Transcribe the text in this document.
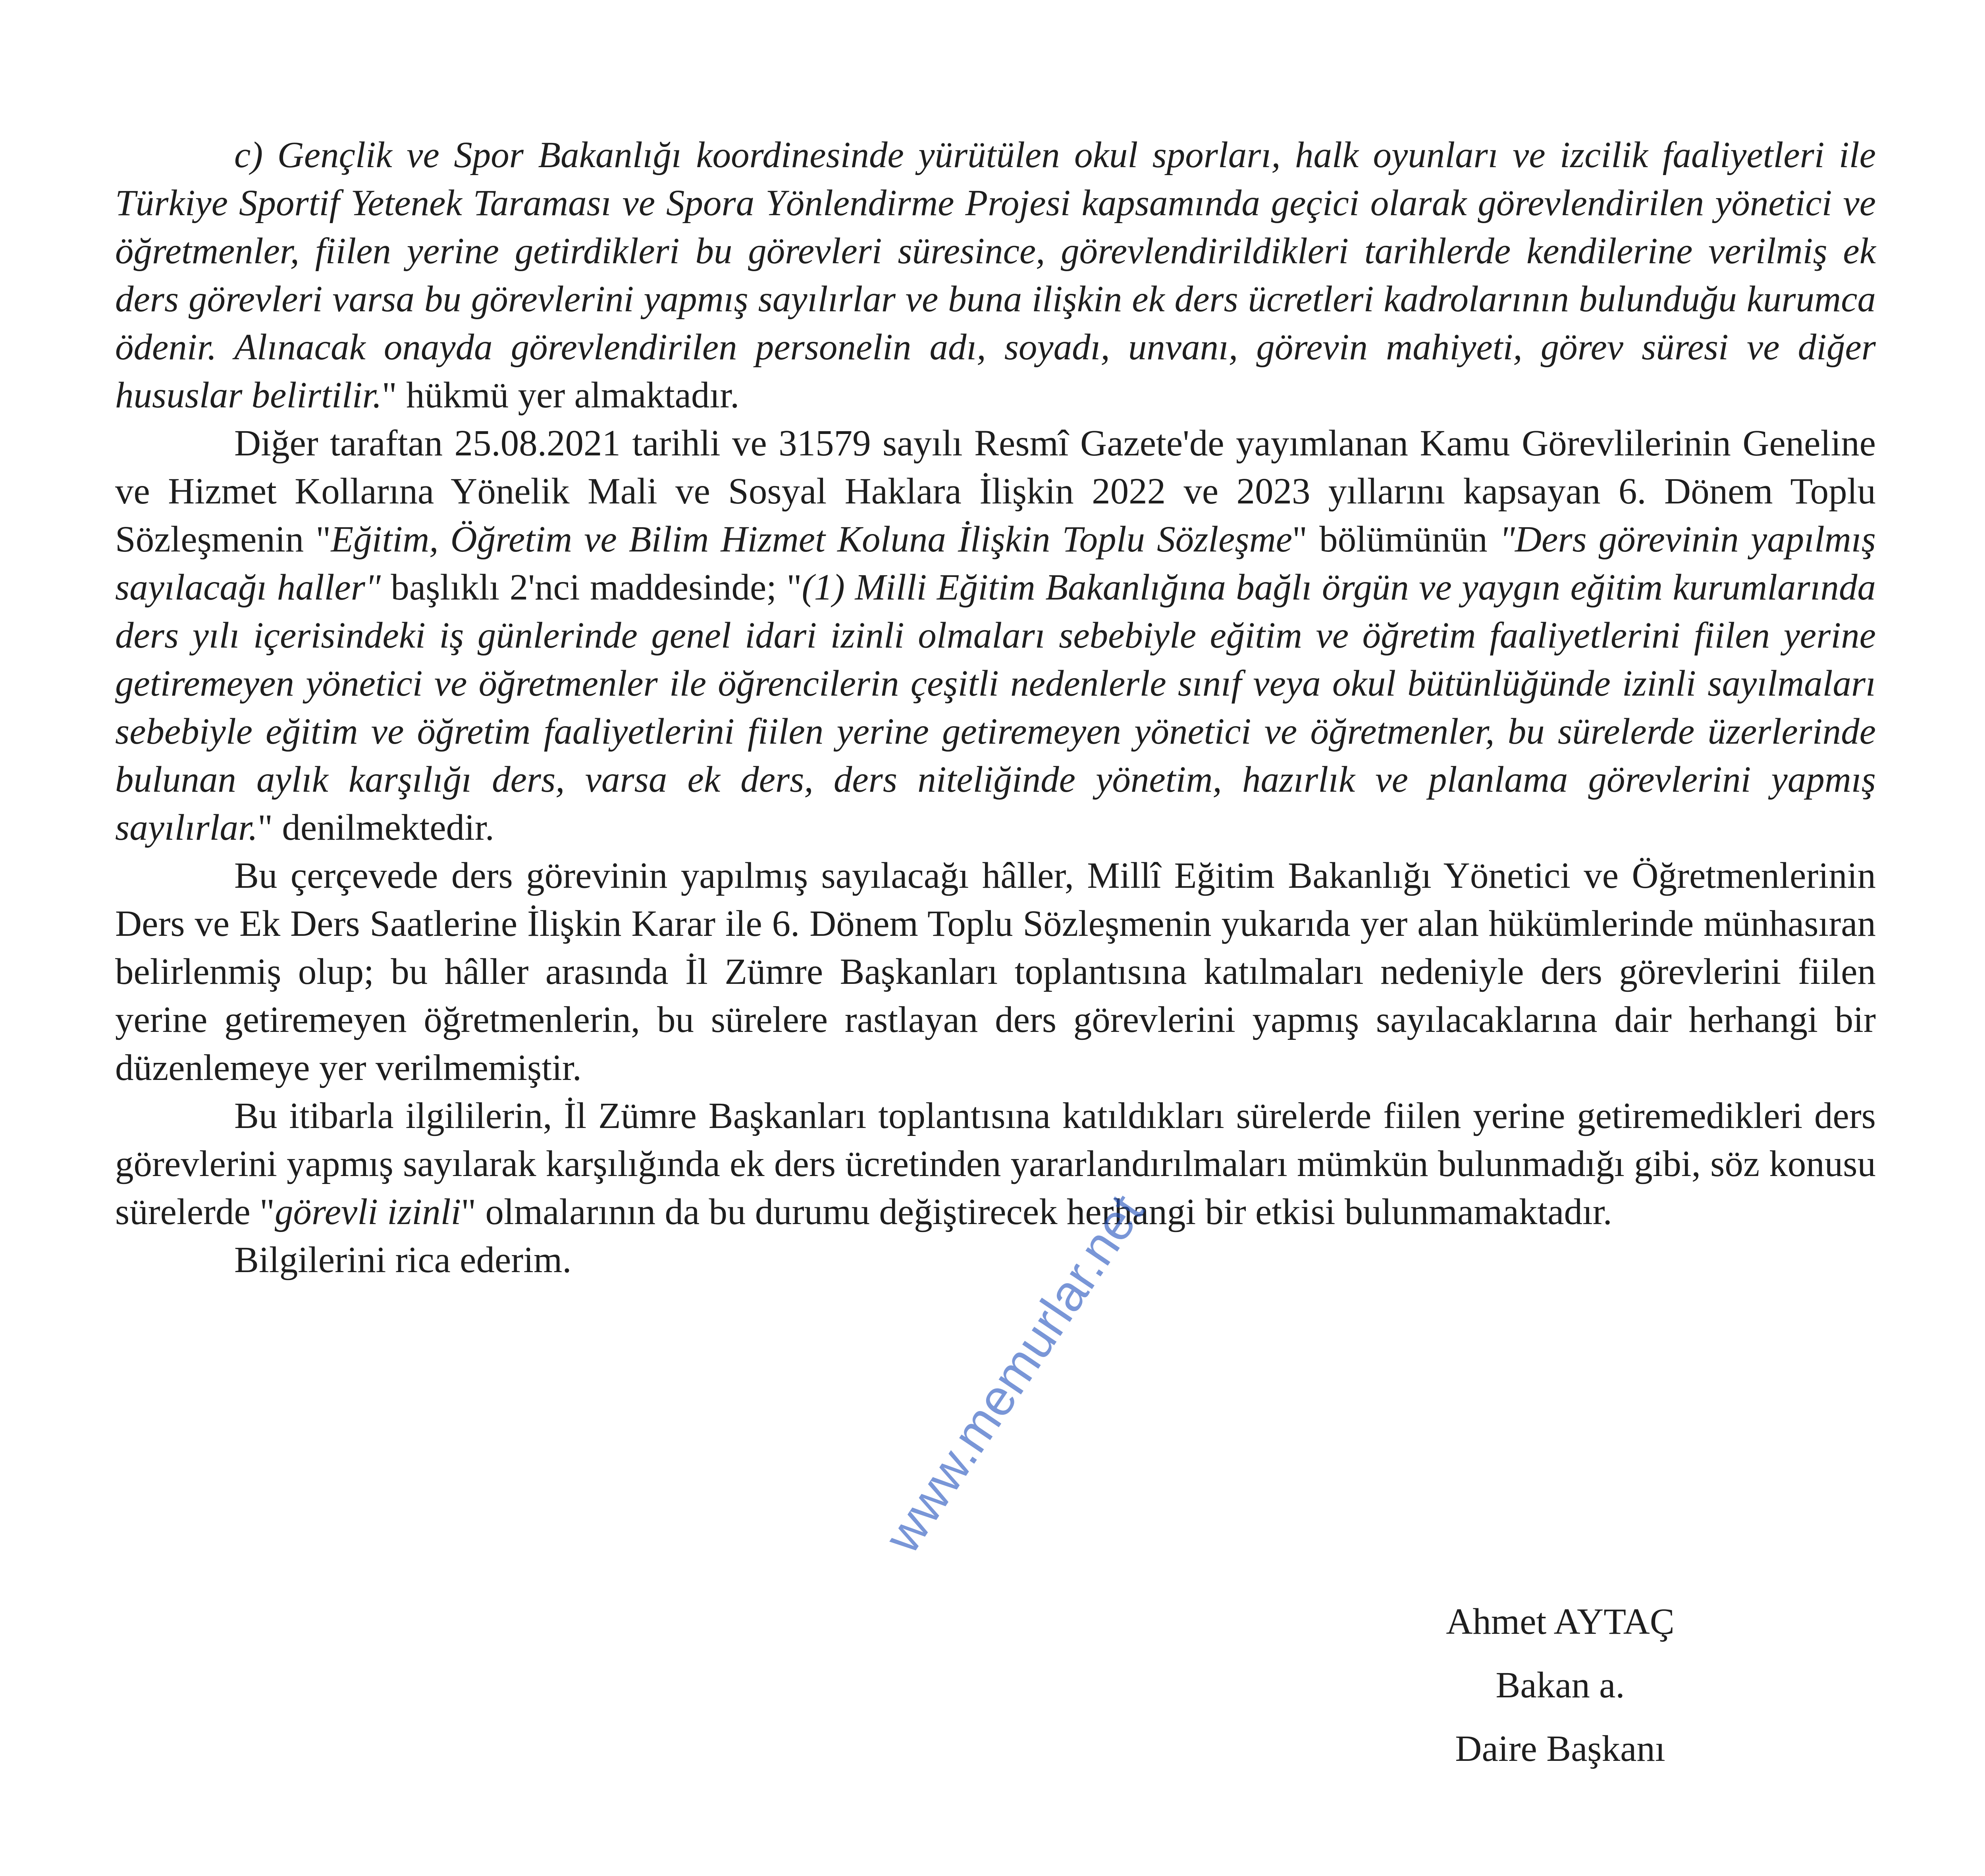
c) Gençlik ve Spor Bakanlığı koordinesinde yürütülen okul sporları, halk oyunları ve izcilik faaliyetleri ile Türkiye Sportif Yetenek Taraması ve Spora Yönlendirme Projesi kapsamında geçici olarak görevlendirilen yönetici ve öğretmenler, fiilen yerine getirdikleri bu görevleri süresince, görevlendirildikleri tarihlerde kendilerine verilmiş ek ders görevleri varsa bu görevlerini yapmış sayılırlar ve buna ilişkin ek ders ücretleri kadrolarının bulunduğu kurumca ödenir. Alınacak onayda görevlendirilen personelin adı, soyadı, unvanı, görevin mahiyeti, görev süresi ve diğer hususlar belirtilir." hükmü yer almaktadır.

Diğer taraftan 25.08.2021 tarihli ve 31579 sayılı Resmî Gazete'de yayımlanan Kamu Görevlilerinin Geneline ve Hizmet Kollarına Yönelik Mali ve Sosyal Haklara İlişkin 2022 ve 2023 yıllarını kapsayan 6. Dönem Toplu Sözleşmenin "Eğitim, Öğretim ve Bilim Hizmet Koluna İlişkin Toplu Sözleşme" bölümünün "Ders görevinin yapılmış sayılacağı haller" başlıklı 2'nci maddesinde; "(1) Milli Eğitim Bakanlığına bağlı örgün ve yaygın eğitim kurumlarında ders yılı içerisindeki iş günlerinde genel idari izinli olmaları sebebiyle eğitim ve öğretim faaliyetlerini fiilen yerine getiremeyen yönetici ve öğretmenler ile öğrencilerin çeşitli nedenlerle sınıf veya okul bütünlüğünde izinli sayılmaları sebebiyle eğitim ve öğretim faaliyetlerini fiilen yerine getiremeyen yönetici ve öğretmenler, bu sürelerde üzerlerinde bulunan aylık karşılığı ders, varsa ek ders, ders niteliğinde yönetim, hazırlık ve planlama görevlerini yapmış sayılırlar." denilmektedir.

Bu çerçevede ders görevinin yapılmış sayılacağı hâller, Millî Eğitim Bakanlığı Yönetici ve Öğretmenlerinin Ders ve Ek Ders Saatlerine İlişkin Karar ile 6. Dönem Toplu Sözleşmenin yukarıda yer alan hükümlerinde münhasıran belirlenmiş olup; bu hâller arasında İl Zümre Başkanları toplantısına katılmaları nedeniyle ders görevlerini fiilen yerine getiremeyen öğretmenlerin, bu sürelere rastlayan ders görevlerini yapmış sayılacaklarına dair herhangi bir düzenlemeye yer verilmemiştir.

Bu itibarla ilgililerin, İl Zümre Başkanları toplantısına katıldıkları sürelerde fiilen yerine getiremedikleri ders görevlerini yapmış sayılarak karşılığında ek ders ücretinden yararlandırılmaları mümkün bulunmadığı gibi, söz konusu sürelerde "görevli izinli" olmalarının da bu durumu değiştirecek herhangi bir etkisi bulunmamaktadır.

Bilgilerini rica ederim.

Ahmet AYTAÇ
Bakan a.
Daire Başkanı
www.memurlar.net
